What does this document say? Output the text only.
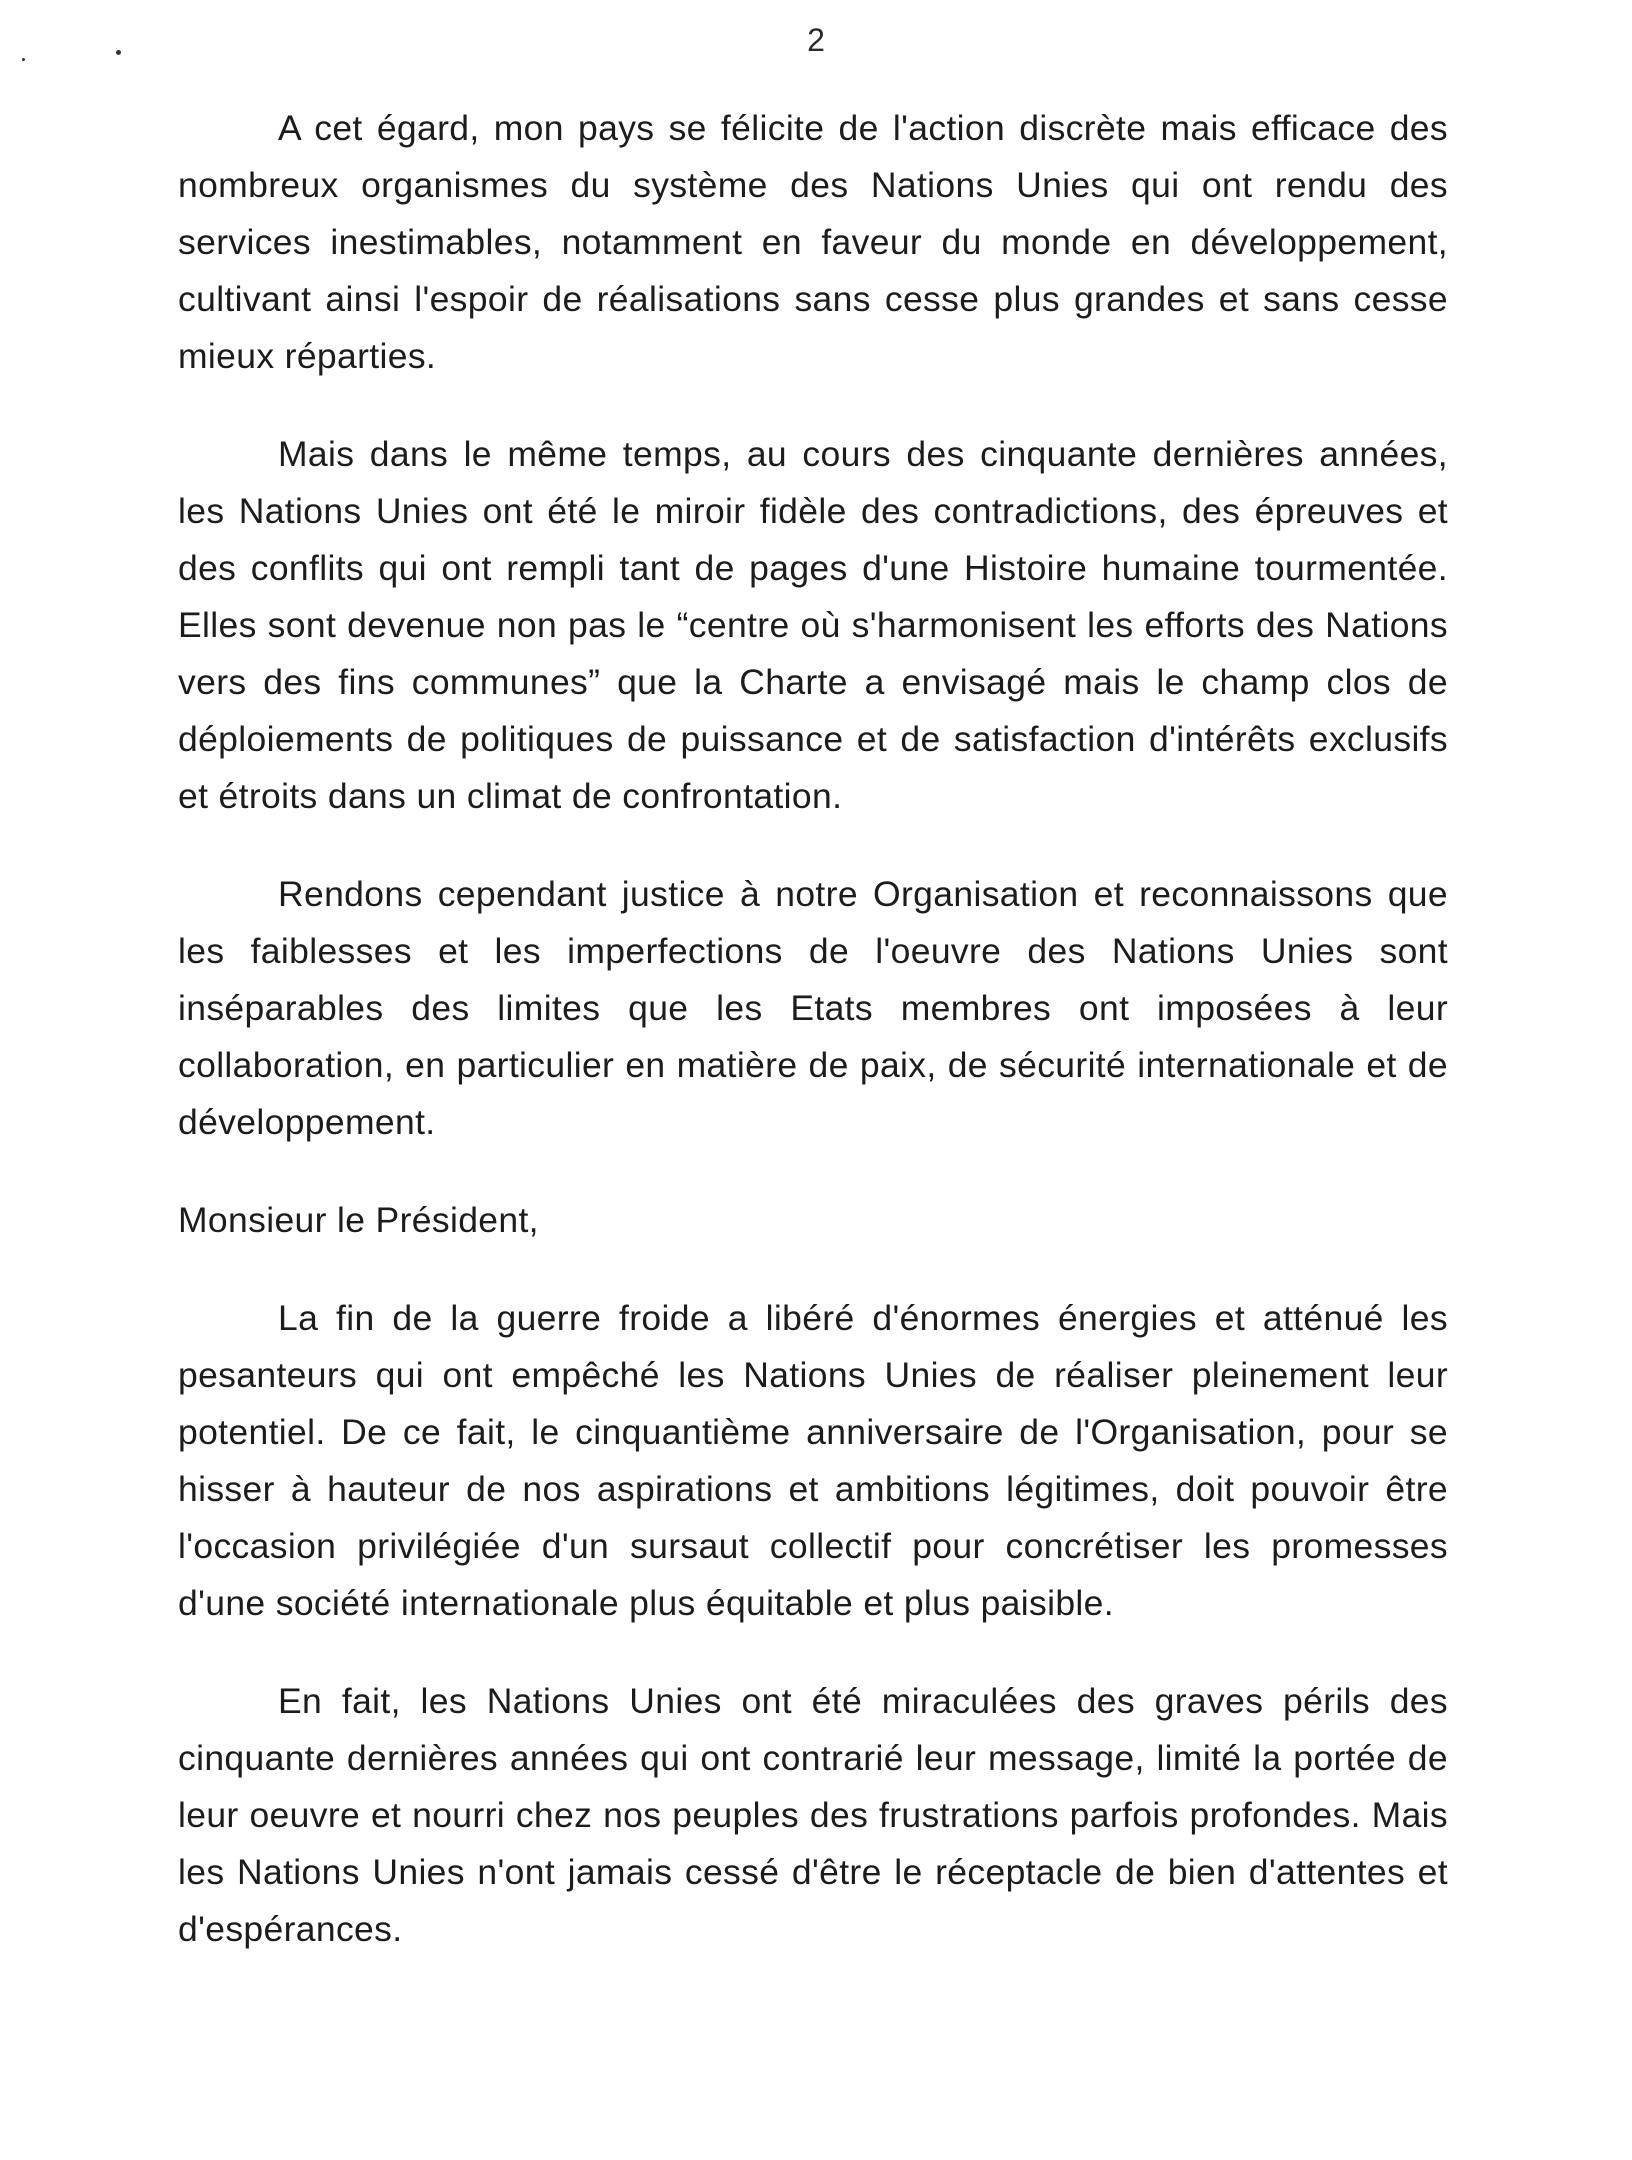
2

A cet égard, mon pays se félicite de l'action discrète mais efficace des nombreux organismes du système des Nations Unies qui ont rendu des services inestimables, notamment en faveur du monde en développement, cultivant ainsi l'espoir de réalisations sans cesse plus grandes et sans cesse mieux réparties.

Mais dans le même temps, au cours des cinquante dernières années, les Nations Unies ont été le miroir fidèle des contradictions, des épreuves et des conflits qui ont rempli tant de pages d'une Histoire humaine tourmentée. Elles sont devenue non pas le “centre où s'harmonisent les efforts des Nations vers des fins communes” que la Charte a envisagé mais le champ clos de déploiements de politiques de puissance et de satisfaction d'intérêts exclusifs et étroits dans un climat de confrontation.

Rendons cependant justice à notre Organisation et reconnaissons que les faiblesses et les imperfections de l'oeuvre des Nations Unies sont inséparables des limites que les Etats membres ont imposées à leur collaboration, en particulier en matière de paix, de sécurité internationale et de développement.

Monsieur le Président,

La fin de la guerre froide a libéré d'énormes énergies et atténué les pesanteurs qui ont empêché les Nations Unies de réaliser pleinement leur potentiel. De ce fait, le cinquantième anniversaire de l'Organisation, pour se hisser à hauteur de nos aspirations et ambitions légitimes, doit pouvoir être l'occasion privilégiée d'un sursaut collectif pour concrétiser les promesses d'une société internationale plus équitable et plus paisible.

En fait, les Nations Unies ont été miraculées des graves périls des cinquante dernières années qui ont contrarié leur message, limité la portée de leur oeuvre et nourri chez nos peuples des frustrations parfois profondes. Mais les Nations Unies n'ont jamais cessé d'être le réceptacle de bien d'attentes et d'espérances.
